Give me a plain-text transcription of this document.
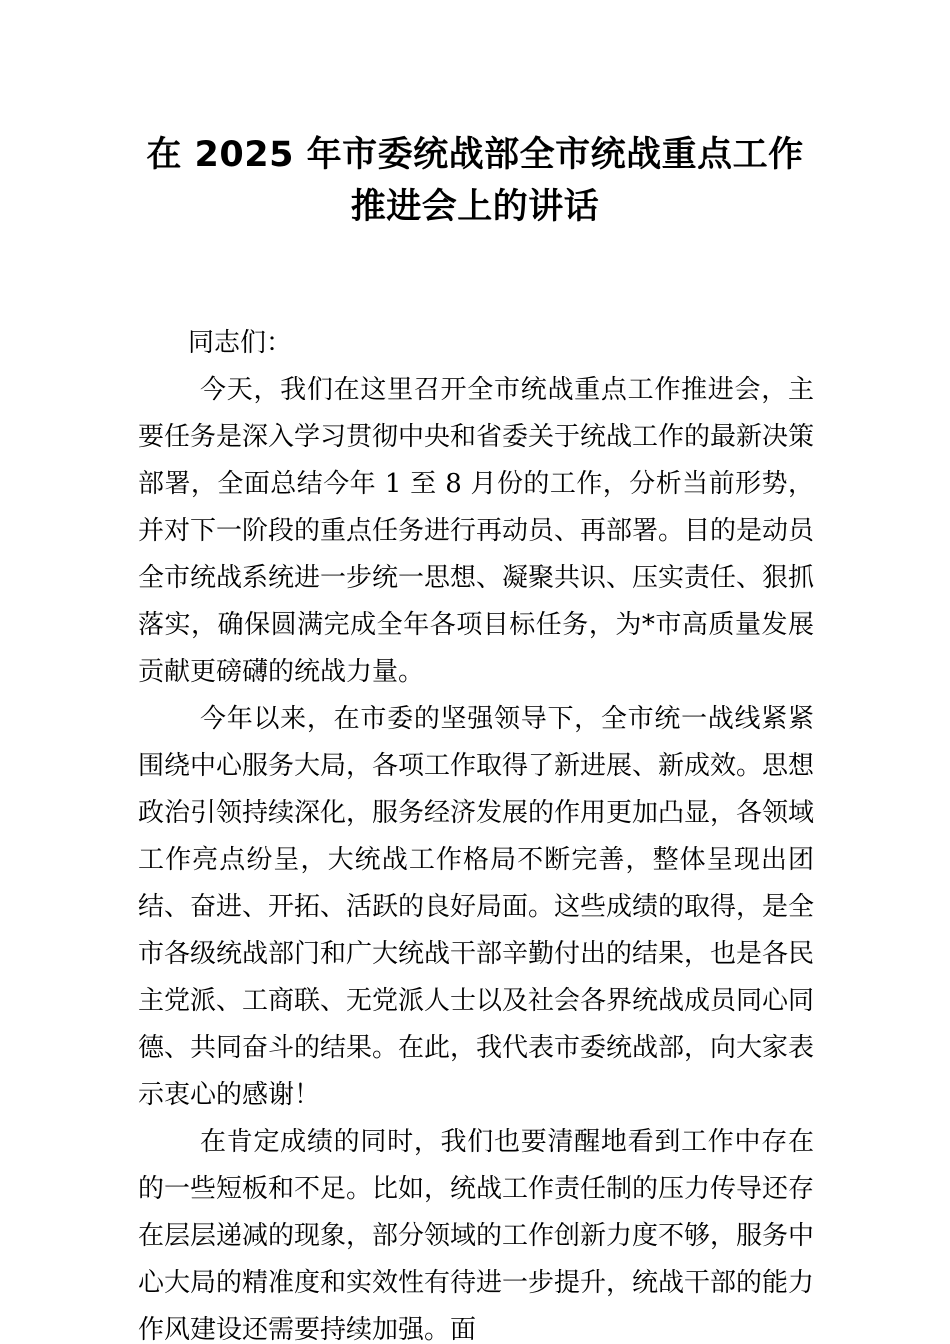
在 2025 年市委统战部全市统战重点工作推进会上的讲话

同志们：

今天，我们在这里召开全市统战重点工作推进会，主要任务是深入学习贯彻中央和省委关于统战工作的最新决策部署，全面总结今年 1 至 8 月份的工作，分析当前形势，并对下一阶段的重点任务进行再动员、再部署。目的是动员全市统战系统进一步统一思想、凝聚共识、压实责任、狠抓落实，确保圆满完成全年各项目标任务，为*市高质量发展贡献更磅礴的统战力量。

今年以来，在市委的坚强领导下，全市统一战线紧紧围绕中心服务大局，各项工作取得了新进展、新成效。思想政治引领持续深化，服务经济发展的作用更加凸显，各领域工作亮点纷呈，大统战工作格局不断完善，整体呈现出团结、奋进、开拓、活跃的良好局面。这些成绩的取得，是全市各级统战部门和广大统战干部辛勤付出的结果，也是各民主党派、工商联、无党派人士以及社会各界统战成员同心同德、共同奋斗的结果。在此，我代表市委统战部，向大家表示衷心的感谢！

在肯定成绩的同时，我们也要清醒地看到工作中存在的一些短板和不足。比如，统战工作责任制的压力传导还存在层层递减的现象，部分领域的工作创新力度不够，服务中心大局的精准度和实效性有待进一步提升，统战干部的能力作风建设还需要持续加强。面
